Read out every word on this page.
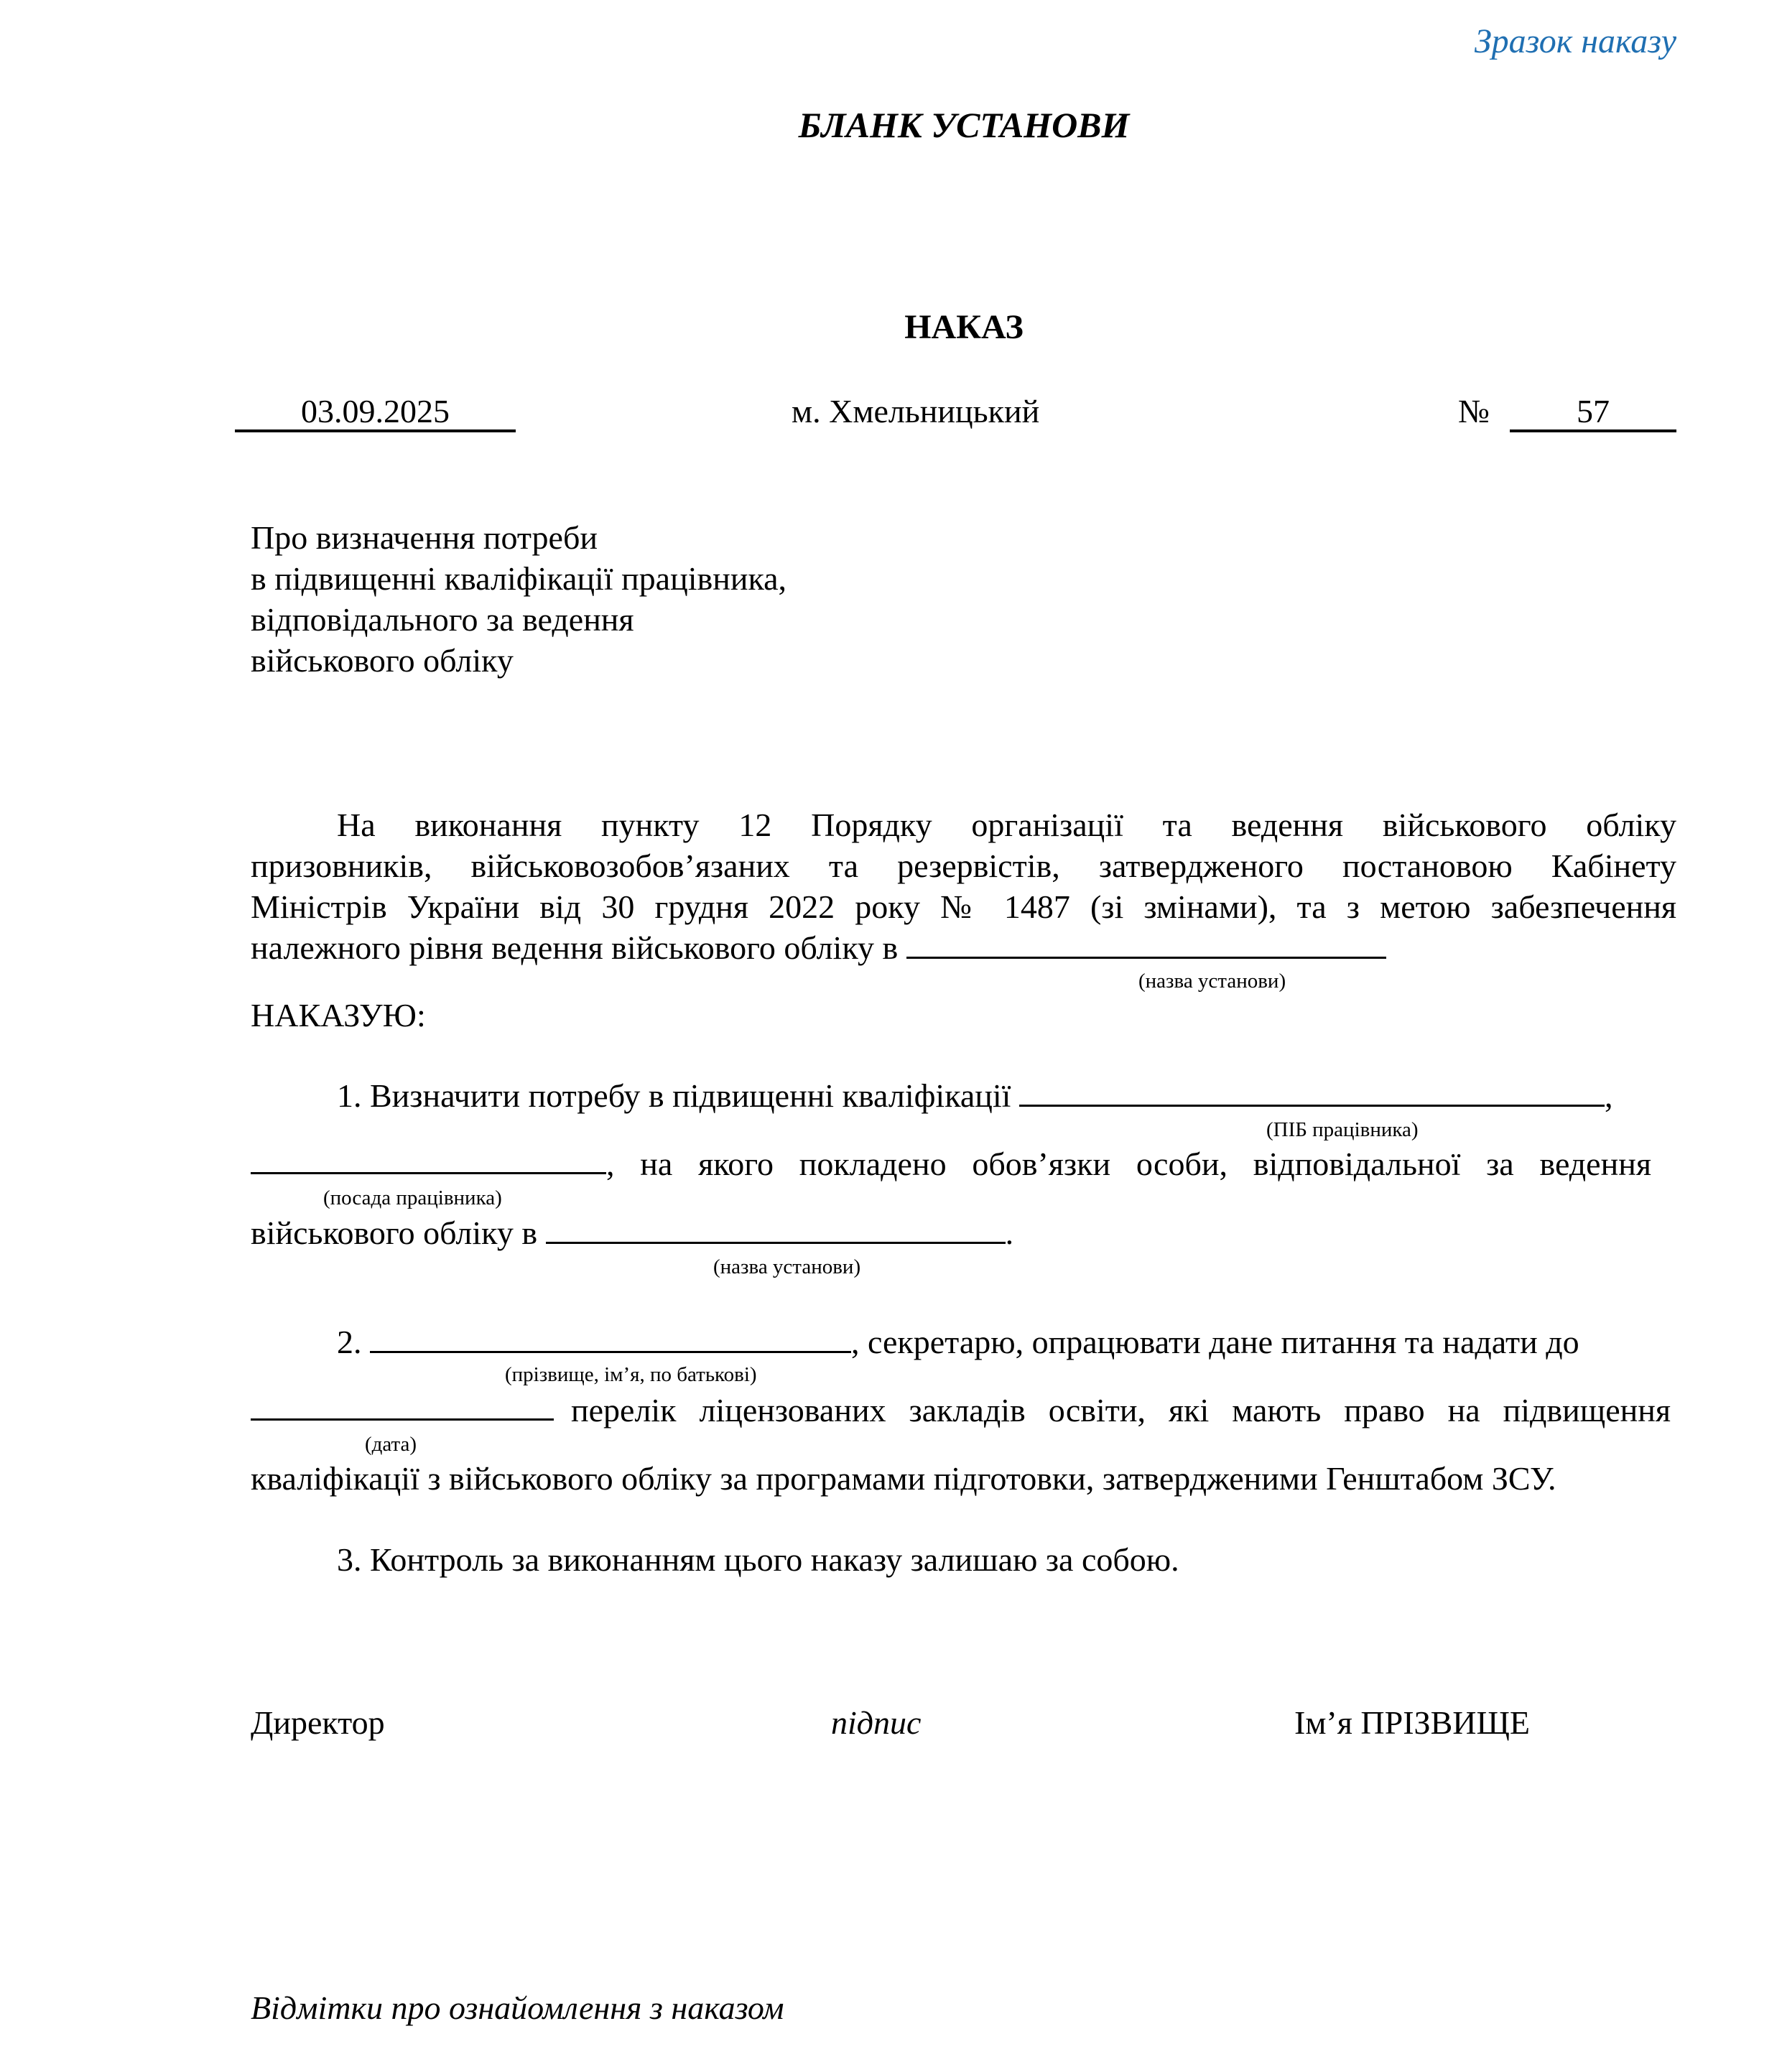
Зразок наказу
БЛАНК УСТАНОВИ
НАКАЗ
03.09.2025	м. Хмельницький	№	57
Про визначення потреби
в підвищенні кваліфікації працівника,
відповідального за ведення
військового обліку
На виконання пункту 12 Порядку організації та ведення військового обліку
призовників, військовозобов’язаних та резервістів, затвердженого постановою Кабінету
Міністрів України від 30 грудня 2022 року № 1487 (зі змінами), та з метою забезпечення
належного рівня ведення військового обліку в
(назва установи)
НАКАЗУЮ:
1. Визначити потребу в підвищенні кваліфікації	,
(ПІБ працівника)
, на якого покладено обов’язки особи, відповідальної за ведення
(посада працівника)
військового обліку в	.
(назва установи)
2.	, секретарю, опрацювати дане питання та надати до
(прізвище, ім’я, по батькові)
перелік ліцензованих закладів освіти, які мають право на підвищення
(дата)
кваліфікації з військового обліку за програмами підготовки, затвердженими Генштабом ЗСУ.
3. Контроль за виконанням цього наказу залишаю за собою.
Директор	підпис	Ім’я ПРІЗВИЩЕ
Відмітки про ознайомлення з наказом
